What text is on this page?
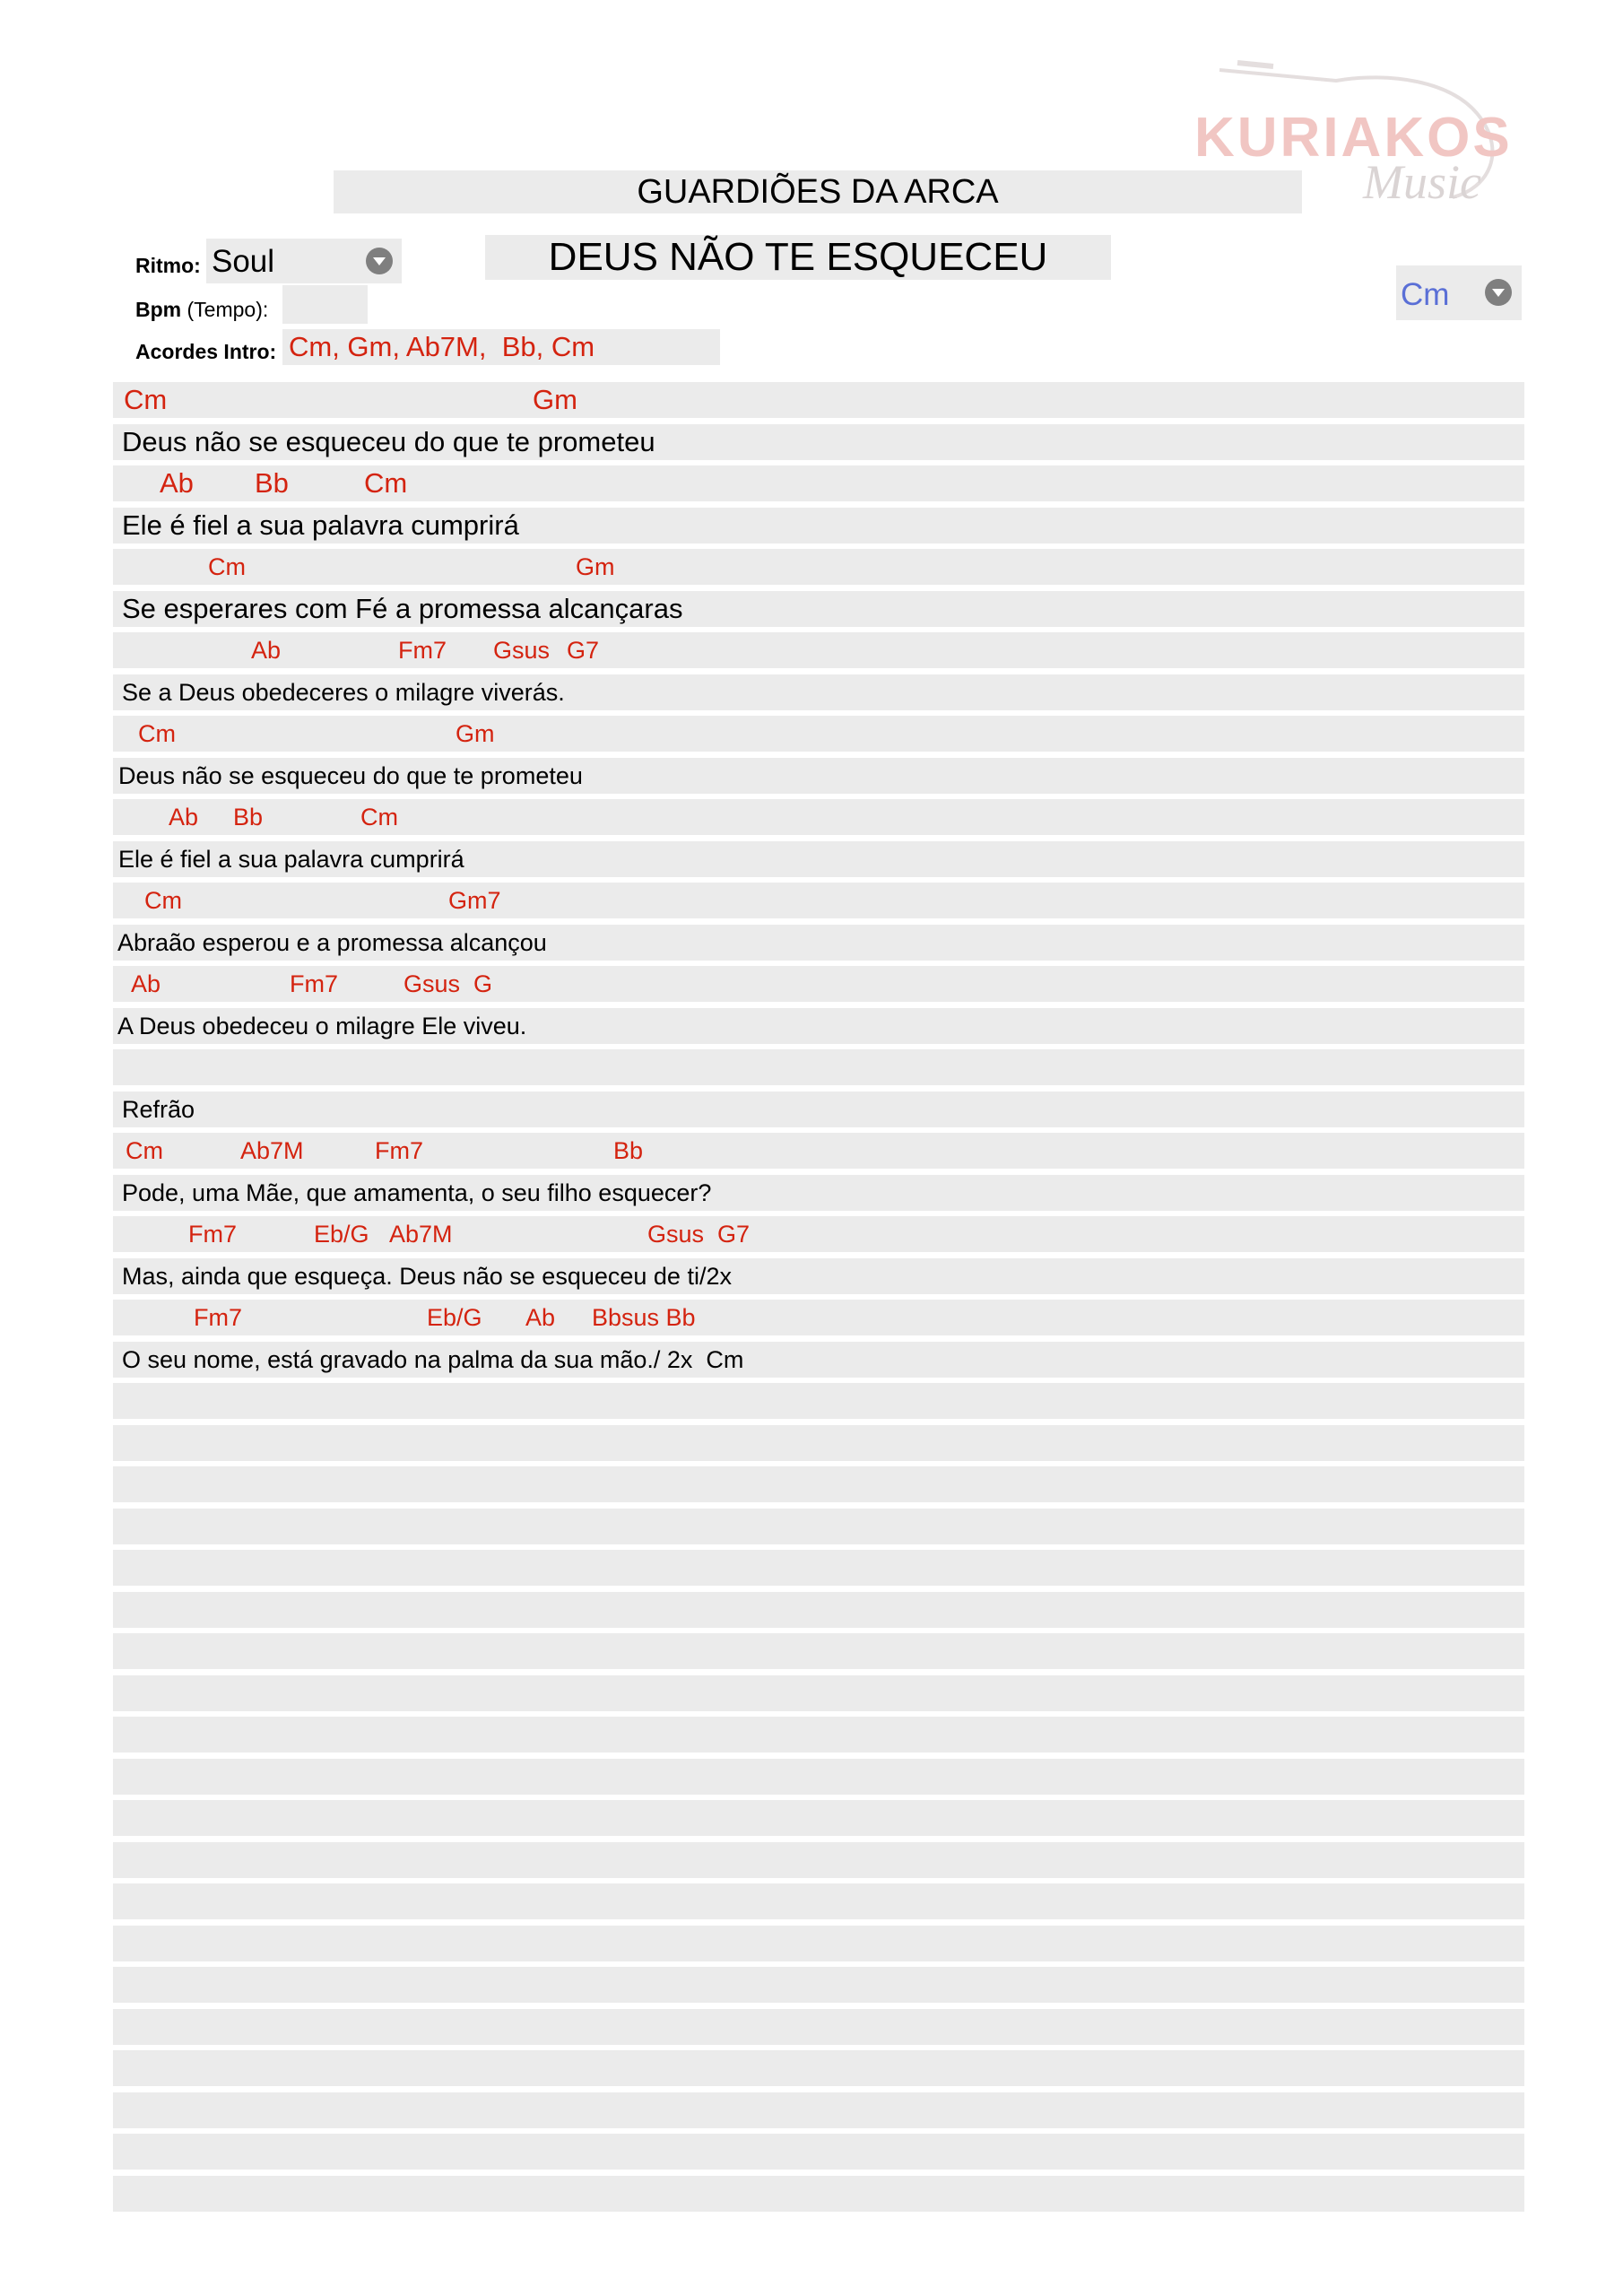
KURIAKOS
Music
GUARDIÕES DA ARCA
DEUS NÃO TE ESQUECEU
Ritmo: Soul
Bpm (Tempo):
Acordes Intro: Cm, Gm, Ab7M,  Bb, Cm
Cm
Cm	Gm
Deus não se esqueceu do que te prometeu
Ab Bb	Cm
Ele é fiel a sua palavra cumprirá
Cm	Gm
Se esperares com Fé a promessa alcançaras
Ab	Fm7 Gsus G7
Se a Deus obedeceres o milagre viverás.
Cm	Gm
Deus não se esqueceu do que te prometeu
Ab Bb	Cm
Ele é fiel a sua palavra cumprirá
Cm	Gm7
Abraão esperou e a promessa alcançou
Ab	Fm7	Gsus  G
A Deus obedeceu o milagre Ele viveu.
Refrão
Cm	Ab7M	Fm7	Bb
Pode, uma Mãe, que amamenta, o seu filho esquecer?
Fm7	Eb/G Ab7M	Gsus  G7
Mas, ainda que esqueça. Deus não se esqueceu de ti/2x
Fm7	Eb/G Ab Bbsus Bb
O seu nome, está gravado na palma da sua mão./ 2x  Cm
